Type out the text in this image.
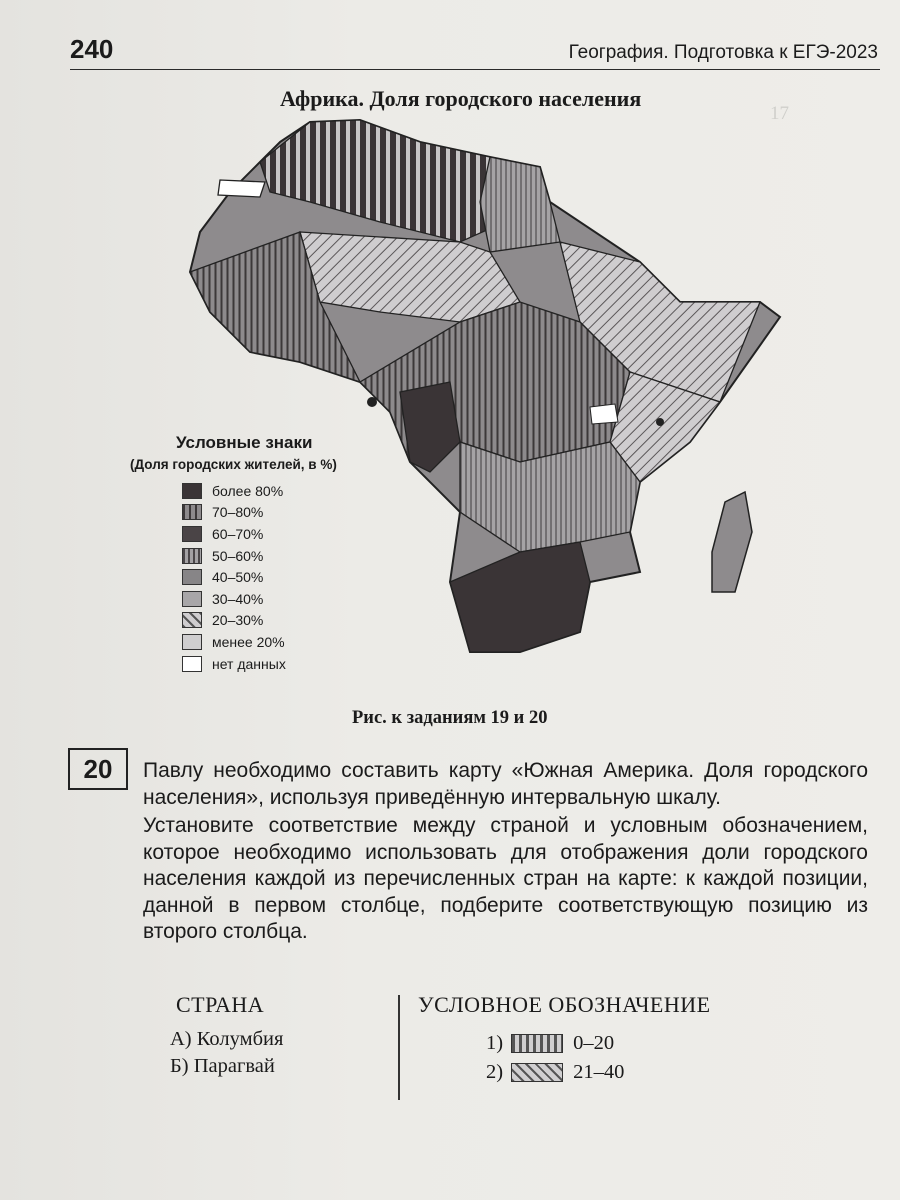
17
240	География. Подготовка к ЕГЭ-2023
Африка. Доля городского населения
Условные знаки
(Доля городских жителей, в %)
более 80%
70–80%
60–70%
50–60%
40–50%
30–40%
20–30%
менее 20%
нет данных
Рис. к заданиям 19 и 20
20	Павлу необходимо составить карту «Южная Америка. Доля городского населения», используя приведённую интервальную шкалу.

Установите соответствие между страной и условным обозначением, которое необходимо использовать для отображения доли городского населения каждой из перечисленных стран на карте: к каждой позиции, данной в первом столбце, подберите соответствующую позицию из второго столбца.

СТРАНА	УСЛОВНОЕ ОБОЗНАЧЕНИЕ
А) Колумбия
Б) Парагвай
1)	0–20
2)	21–40
